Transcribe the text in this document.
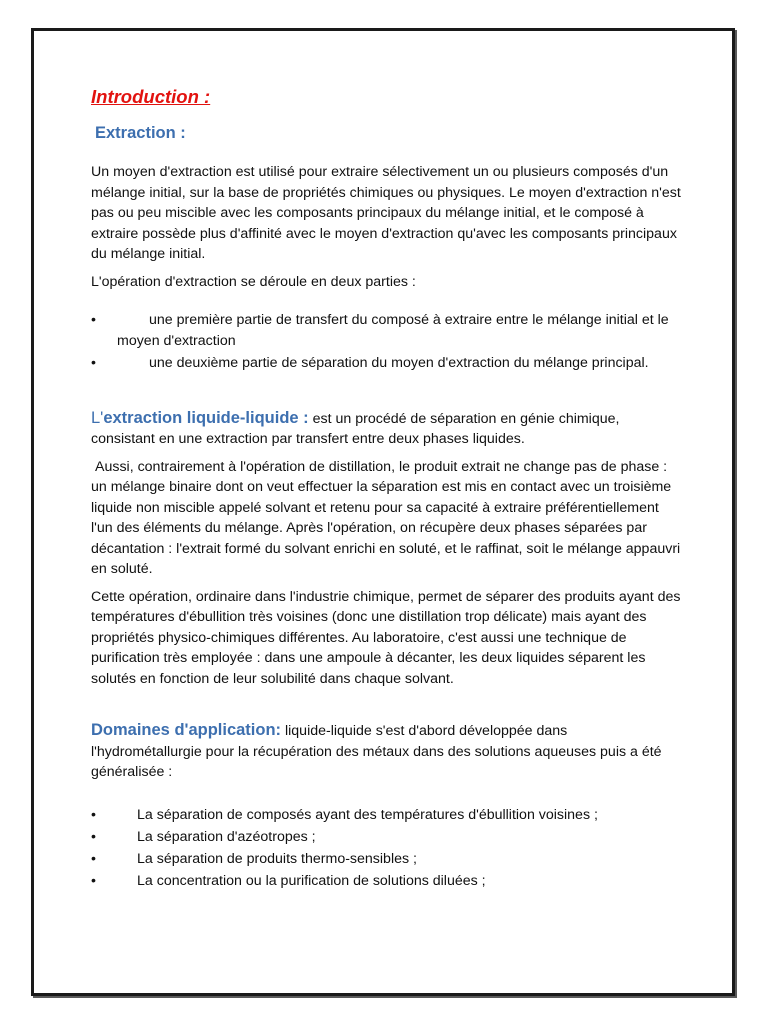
Introduction :
Extraction :

Un moyen d'extraction est utilisé pour extraire sélectivement un ou plusieurs composés d'un mélange initial, sur la base de propriétés chimiques ou physiques. Le moyen d'extraction n'est pas ou peu miscible avec les composants principaux du mélange initial, et le composé à extraire possède plus d'affinité avec le moyen d'extraction qu'avec les composants principaux du mélange initial.

L'opération d'extraction se déroule en deux parties :

•	une première partie de transfert du composé à extraire entre le mélange initial et le moyen d'extraction
•	une deuxième partie de séparation du moyen d'extraction du mélange principal.

L'extraction liquide-liquide : est un procédé de séparation en génie chimique, consistant en une extraction par transfert entre deux phases liquides.

Aussi, contrairement à l'opération de distillation, le produit extrait ne change pas de phase : un mélange binaire dont on veut effectuer la séparation est mis en contact avec un troisième liquide non miscible appelé solvant et retenu pour sa capacité à extraire préférentiellement l'un des éléments du mélange. Après l'opération, on récupère deux phases séparées par décantation : l'extrait formé du solvant enrichi en soluté, et le raffinat, soit le mélange appauvri en soluté.

Cette opération, ordinaire dans l'industrie chimique, permet de séparer des produits ayant des températures d'ébullition très voisines (donc une distillation trop délicate) mais ayant des propriétés physico-chimiques différentes. Au laboratoire, c'est aussi une technique de purification très employée : dans une ampoule à décanter, les deux liquides séparent les solutés en fonction de leur solubilité dans chaque solvant.

Domaines d'application: liquide-liquide s'est d'abord développée dans l'hydrométallurgie pour la récupération des métaux dans des solutions aqueuses puis a été généralisée :

•	La séparation de composés ayant des températures d'ébullition voisines ;
•	La séparation d'azéotropes ;
•	La séparation de produits thermo-sensibles ;
•	La concentration ou la purification de solutions diluées ;
